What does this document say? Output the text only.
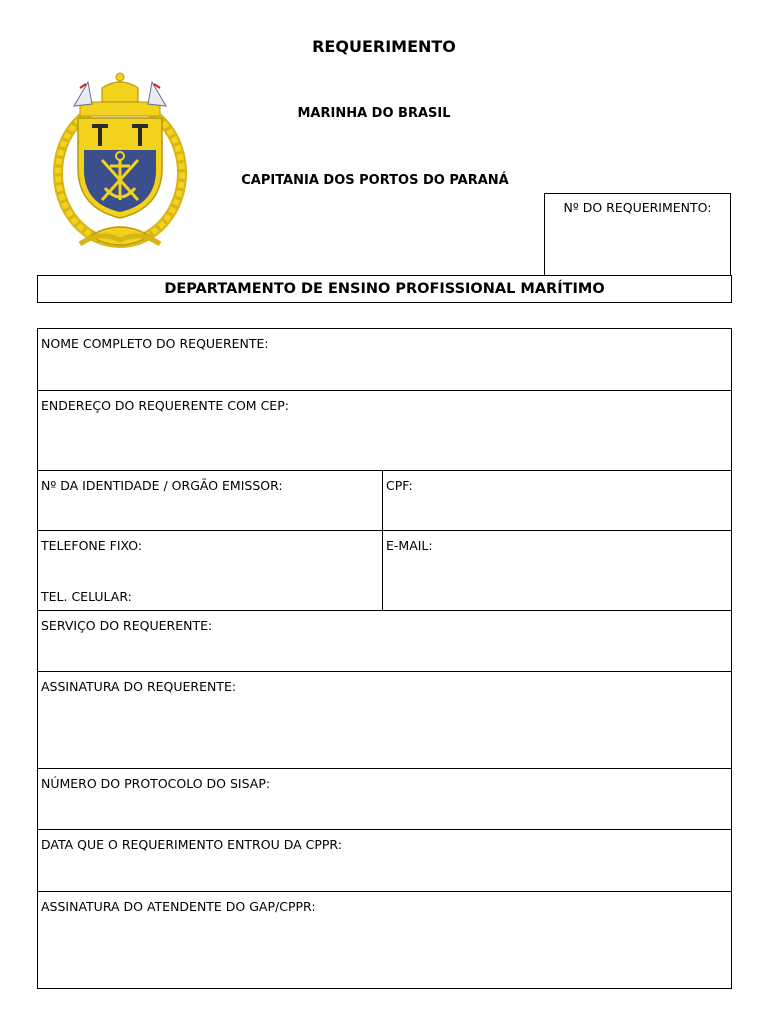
REQUERIMENTO
MARINHA DO BRASIL
CAPITANIA DOS PORTOS DO PARANÁ
Nº DO REQUERIMENTO:
DEPARTAMENTO DE ENSINO PROFISSIONAL MARÍTIMO
NOME COMPLETO DO REQUERENTE:
ENDEREÇO DO REQUERENTE COM CEP:
Nº DA IDENTIDADE / ORGÃO EMISSOR:	CPF:
TELEFONE FIXO:
TEL. CELULAR:
E-MAIL:
SERVIÇO DO REQUERENTE:
ASSINATURA DO REQUERENTE:
NÚMERO DO PROTOCOLO DO SISAP:
DATA QUE O REQUERIMENTO ENTROU DA CPPR:
ASSINATURA DO ATENDENTE DO GAP/CPPR:
